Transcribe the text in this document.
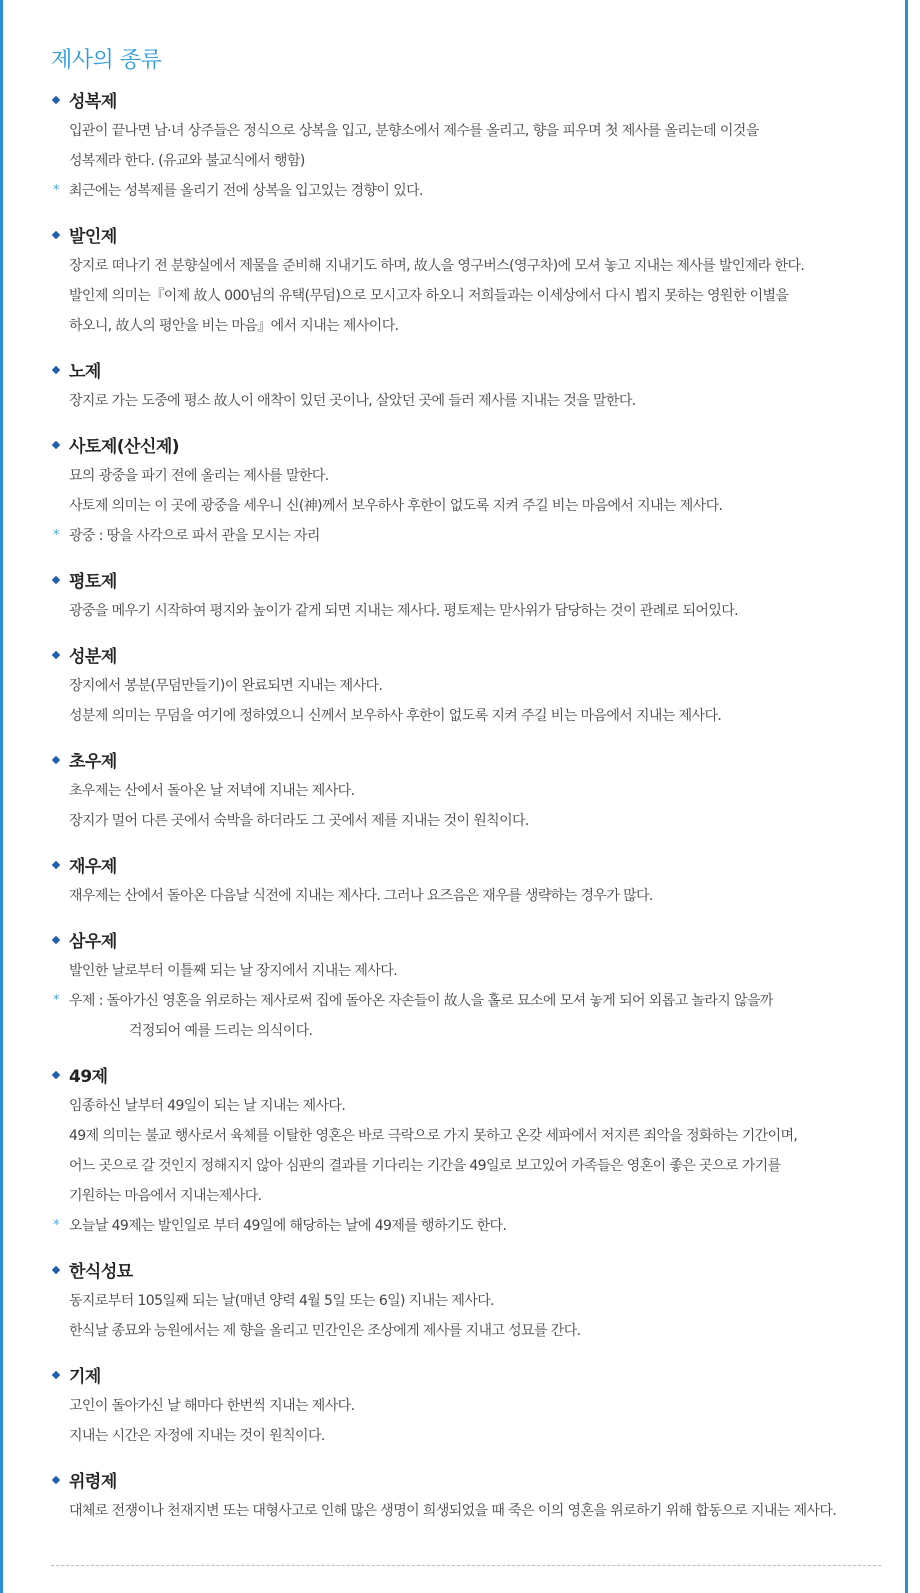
제사의 종류
성복제
입관이 끝나면 남·녀 상주들은 정식으로 상복을 입고, 분향소에서 제수를 올리고, 향을 피우며 첫 제사를 올리는데 이것을
성복제라 한다. (유교와 불교식에서 행함)
* 최근에는 성복제를 올리기 전에 상복을 입고있는 경향이 있다.
발인제
장지로 떠나기 전 분향실에서 제물을 준비해 지내기도 하며, 故人을 영구버스(영구차)에 모셔 놓고 지내는 제사를 발인제라 한다.
발인제 의미는『이제 故人 000님의 유택(무덤)으로 모시고자 하오니 저희들과는 이세상에서 다시 뵙지 못하는 영원한 이별을
하오니, 故人의 평안을 비는 마음』에서 지내는 제사이다.
노제
장지로 가는 도중에 평소 故人이 애착이 있던 곳이나, 살았던 곳에 들러 제사를 지내는 것을 말한다.
사토제(산신제)
묘의 광중을 파기 전에 올리는 제사를 말한다.
사토제 의미는 이 곳에 광중을 세우니 신(神)께서 보우하사 후한이 없도록 지켜 주길 비는 마음에서 지내는 제사다.
* 광중 : 땅을 사각으로 파서 관을 모시는 자리
평토제
광중을 메우기 시작하여 평지와 높이가 같게 되면 지내는 제사다. 평토제는 맏사위가 담당하는 것이 관례로 되어있다.
성분제
장지에서 봉분(무덤만들기)이 완료되면 지내는 제사다.
성분제 의미는 무덤을 여기에 정하였으니 신께서 보우하사 후한이 없도록 지켜 주길 비는 마음에서 지내는 제사다.
초우제
초우제는 산에서 돌아온 날 저녁에 지내는 제사다.
장지가 멀어 다른 곳에서 숙박을 하더라도 그 곳에서 제를 지내는 것이 원칙이다.
재우제
재우제는 산에서 돌아온 다음날 식전에 지내는 제사다. 그러나 요즈음은 재우를 생략하는 경우가 많다.
삼우제
발인한 날로부터 이틀째 되는 날 장지에서 지내는 제사다.
* 우제 : 돌아가신 영혼을 위로하는 제사로써 집에 돌아온 자손들이 故人을 홀로 묘소에 모셔 놓게 되어 외롭고 놀라지 않을까
걱정되어 예를 드리는 의식이다.
49제
임종하신 날부터 49일이 되는 날 지내는 제사다.
49제 의미는 불교 행사로서 육체를 이탈한 영혼은 바로 극락으로 가지 못하고 온갖 세파에서 저지른 죄악을 정화하는 기간이며,
어느 곳으로 갈 것인지 정해지지 않아 심판의 결과를 기다리는 기간을 49일로 보고있어 가족들은 영혼이 좋은 곳으로 가기를
기원하는 마음에서 지내는제사다.
* 오늘날 49제는 발인일로 부터 49일에 해당하는 날에 49제를 행하기도 한다.
한식성묘
동지로부터 105일째 되는 날(매년 양력 4월 5일 또는 6일) 지내는 제사다.
한식날 종묘와 능원에서는 제 향을 올리고 민간인은 조상에게 제사를 지내고 성묘를 간다.
기제
고인이 돌아가신 날 해마다 한번씩 지내는 제사다.
지내는 시간은 자정에 지내는 것이 원칙이다.
위령제
대체로 전쟁이나 천재지변 또는 대형사고로 인해 많은 생명이 희생되었을 때 죽은 이의 영혼을 위로하기 위해 합동으로 지내는 제사다.
